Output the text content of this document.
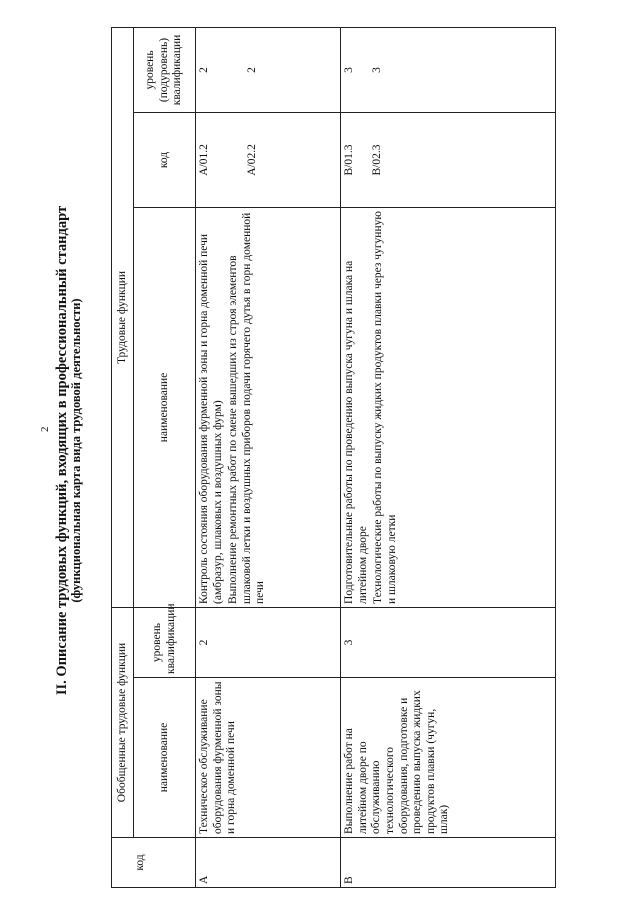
2 II. Описание трудовых функций, входящих в профессиональный стандарт (функциональная карта вида трудовой деятельности)
код	Обобщенные трудовые функции		Трудовые функции		
	наименование	уровень квалификации	наименование	код	уровень (подуровень) квалификации
А	Техническое обслуживание оборудования фурменной зоны и горна доменной печи	2	Контроль состояния оборудования фурменной зоны и горна доменной печи (амбразур, шлаковых и воздушных фурм) Выполнение ремонтных работ по смене вышедших из строя элементов шлаковой летки и воздушных приборов подачи горячего дутья в горн доменной печи	А/01.2 А/02.2	2 2

В	Выполнение работ на литейном дворе по обслуживанию технологического оборудования, подготовке и проведению выпуска жидких продуктов плавки (чугун, шлак)	3	Подготовительные работы по проведению выпуска чугуна и шлака на литейном дворе Технологические работы по выпуску жидких продуктов плавки через чугунную и шлаковую летки	В/01.3 В/02.3	3 3
